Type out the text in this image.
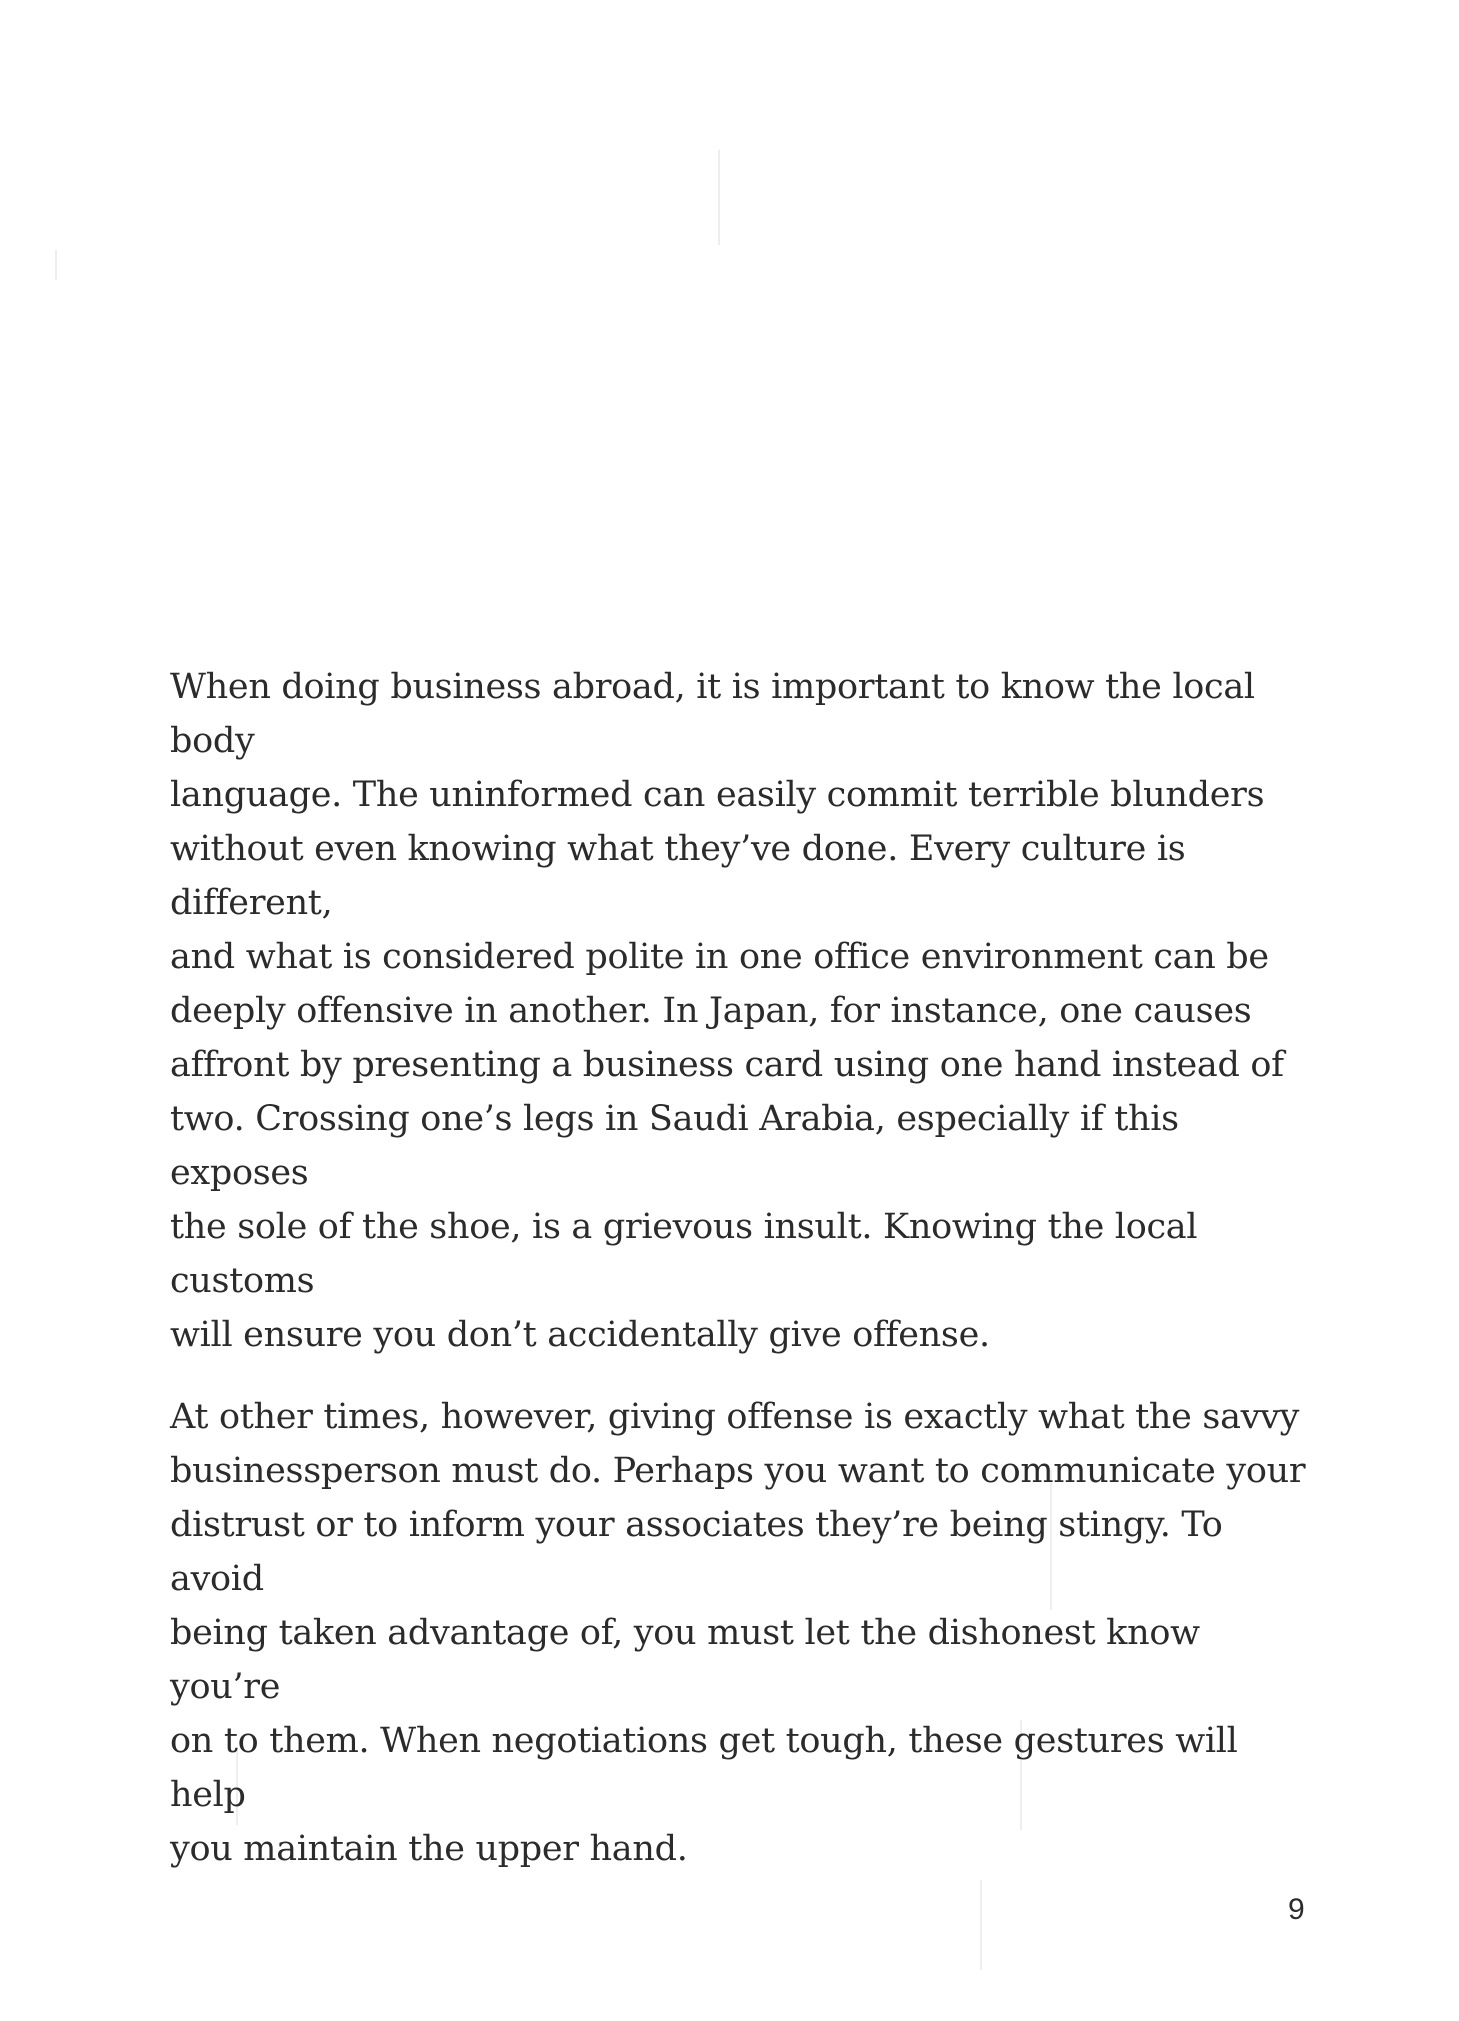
When doing business abroad, it is important to know the local body
language. The uninformed can easily commit terrible blunders
without even knowing what they’ve done. Every culture is different,
and what is considered polite in one office environment can be
deeply offensive in another. In Japan, for instance, one causes
affront by presenting a business card using one hand instead of
two. Crossing one’s legs in Saudi Arabia, especially if this exposes
the sole of the shoe, is a grievous insult. Knowing the local customs
will ensure you don’t accidentally give offense.

At other times, however, giving offense is exactly what the savvy
businessperson must do. Perhaps you want to communicate your
distrust or to inform your associates they’re being stingy. To avoid
being taken advantage of, you must let the dishonest know you’re
on to them. When negotiations get tough, these gestures will help
you maintain the upper hand.

9
